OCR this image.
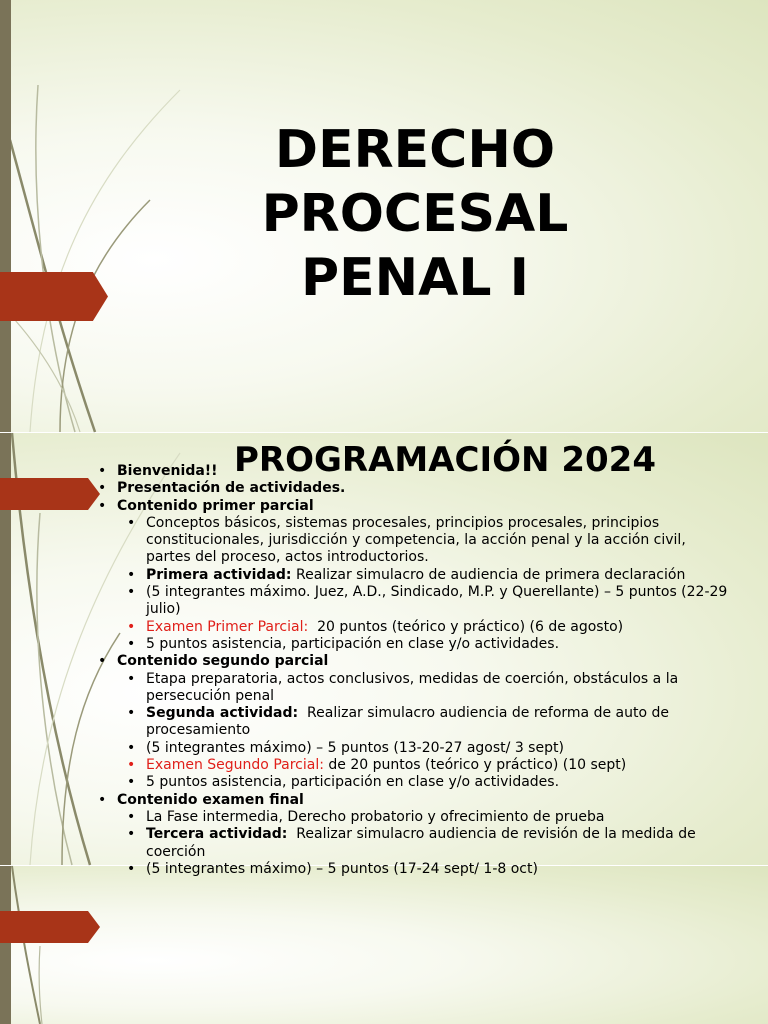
DERECHO PROCESAL PENAL I
PROGRAMACIÓN 2024
• Bienvenida!!
• Presentación de actividades.
• Contenido primer parcial
• Conceptos básicos, sistemas procesales, principios procesales, principios constitucionales, jurisdicción y competencia, la acción penal y la acción civil, partes del proceso, actos introductorios.
• Primera actividad: Realizar simulacro de audiencia de primera declaración
• (5 integrantes máximo. Juez, A.D., Sindicado, M.P. y Querellante) – 5 puntos (22-29 julio)
• Examen Primer Parcial:  20 puntos (teórico y práctico) (6 de agosto)
• 5 puntos asistencia, participación en clase y/o actividades.
• Contenido segundo parcial
• Etapa preparatoria, actos conclusivos, medidas de coerción, obstáculos a la persecución penal
• Segunda actividad:  Realizar simulacro audiencia de reforma de auto de procesamiento
• (5 integrantes máximo) – 5 puntos (13-20-27 agost/ 3 sept)
• Examen Segundo Parcial: de 20 puntos (teórico y práctico) (10 sept)
• 5 puntos asistencia, participación en clase y/o actividades.
• Contenido examen final
• La Fase intermedia, Derecho probatorio y ofrecimiento de prueba
• Tercera actividad:  Realizar simulacro audiencia de revisión de la medida de coerción
• (5 integrantes máximo) – 5 puntos (17-24 sept/ 1-8 oct)
